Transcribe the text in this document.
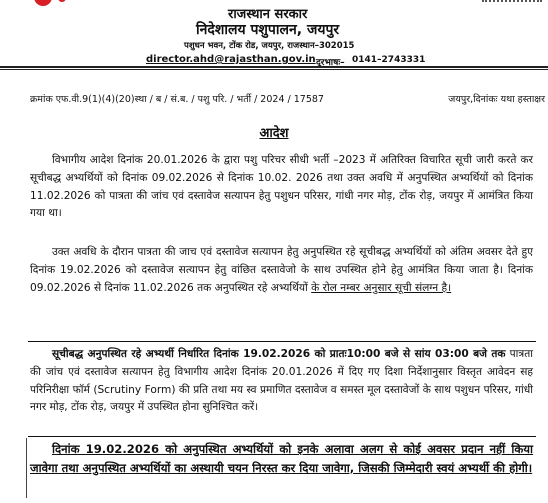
राजस्थान सरकार
निदेशालय पशुपालन, जयपुर
पशुधन भवन, टोंक रोड, जयपुर, राजस्थान–302015
director.ahd@rajasthan.gov.in दूरभाषः– 0141–2743331
क्रमांक एफ.वी.9(1)(4)(20)स्था / ब / सं.ब. / पशु परि. / भर्ती / 2024 / 17587	जयपुर,दिनांकः यथा हस्ताक्षर
आदेश
विभागीय आदेश दिनांक 20.01.2026 के द्वारा पशु परिचर सीधी भर्ती –2023 में अतिरिक्त विचारित सूची जारी करते कर सूचीबद्ध अभ्यर्थियों को दिनांक 09.02.2026 से दिनांक 10.02. 2026 तथा उक्त अवधि में अनुपस्थित अभ्यर्थियों को दिनांक 11.02.2026 को पात्रता की जांच एवं दस्तावेज सत्यापन हेतु पशुधन परिसर, गांधी नगर मोड़, टोंक रोड़, जयपुर में आमंत्रित किया गया था।
उक्त अवधि के दौरान पात्रता की जाच एवं दस्तावेज सत्यापन हेतु अनुपस्थित रहे सूचीबद्ध अभ्यर्थियों को अंतिम अवसर देते हुए दिनांक 19.02.2026 को दस्तावेज सत्यापन हेतु वांछित दस्तावेजो के साथ उपस्थित होने हेतु आमंत्रित किया जाता है। दिनांक 09.02.2026 से दिनांक 11.02.2026 तक अनुपस्थित रहे अभ्यर्थियों के रोल नम्बर अनुसार सूची संलग्न है।
सूचीबद्ध अनुपस्थित रहे अभ्यर्थी निर्धारित दिनांक 19.02.2026 को प्रातः10:00 बजे से सांय 03:00 बजे तक पात्रता की जांच एवं दस्तावेज सत्यापन हेतु विभागीय आदेश दिनांक 20.01.2026 में दिए गए दिशा निर्देशानुसार विस्तृत आवेदन सह परिनिरीक्षा फॉर्म (Scrutiny Form) की प्रति तथा मय स्व प्रमाणित दस्तावेज व समस्त मूल दस्तावेजों के साथ पशुधन परिसर, गांधी नगर मोड़, टोंक रोड़, जयपुर में उपस्थित होना सुनिश्चित करें।
दिनांक 19.02.2026 को अनुपस्थित अभ्यर्थियों को इनके अलावा अलग से कोई अवसर प्रदान नहीं किया जावेगा तथा अनुपस्थित अभ्यर्थियों का अस्थायी चयन निरस्त कर दिया जावेगा, जिसकी जिम्मेदारी स्वयं अभ्यर्थी की होगी।
